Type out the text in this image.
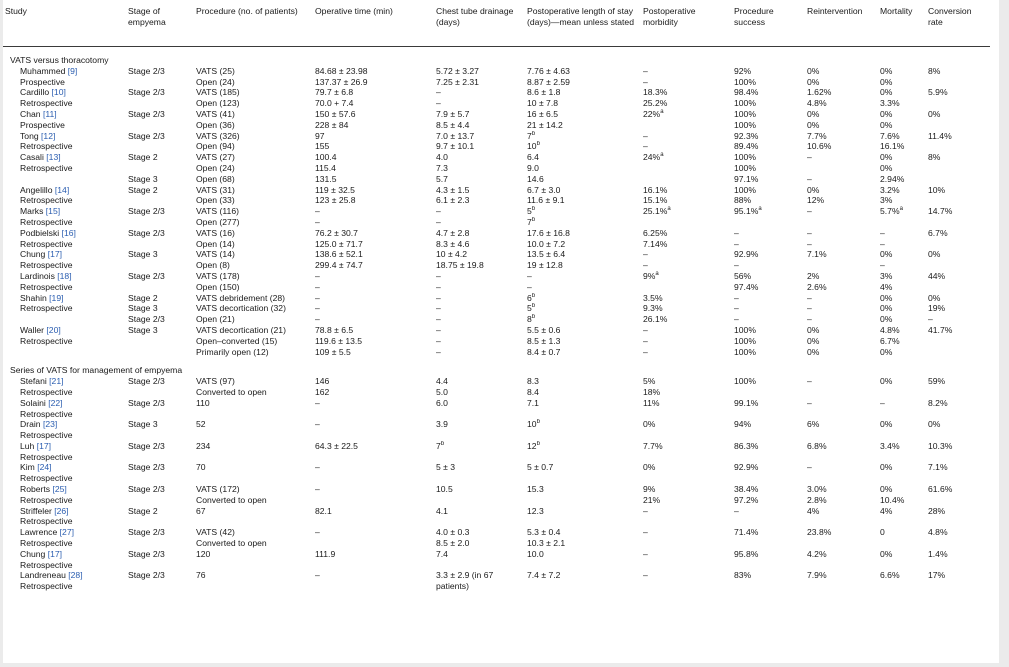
Study	Stage of empyema	Procedure (no. of patients)	Operative time (min)	Chest tube drainage (days)	Postoperative length of stay (days)—mean unless stated	Postoperative morbidity	Procedure success	Reintervention	Mortality	Conversion rate
VATS versus thoracotomy										
Muhammed [9]	Stage 2/3	VATS (25)	84.68 ± 23.98	5.72 ± 3.27	7.76 ± 4.63	–	92%	0%	0%	8%
Prospective		Open (24)	137.37 ± 26.9	7.25 ± 2.31	8.87 ± 2.59	–	100%	0%	0%	
Cardillo [10]	Stage 2/3	VATS (185)	79.7 ± 6.8	–	8.6 ± 1.8	18.3%	98.4%	1.62%	0%	5.9%
Retrospective		Open (123)	70.0 + 7.4	–	10 ± 7.8	25.2%	100%	4.8%	3.3%	
Chan [11]	Stage 2/3	VATS (41)	150 ± 57.6	7.9 ± 5.7	16 ± 6.5	22%$^a$	100%	0%	0%	0%
Prospective		Open (36)	228 ± 84	8.5 ± 4.4	21 ± 14.2		100%	0%	0%	
Tong [12]	Stage 2/3	VATS (326)	97	7.0 ± 13.7	7$^b$	–	92.3%	7.7%	7.6%	11.4%
Retrospective		Open (94)	155	9.7 ± 10.1	10$^b$	–	89.4%	10.6%	16.1%	
Casali [13]	Stage 2	VATS (27)	100.4	4.0	6.4	24%$^a$	100%	–	0%	8%
Retrospective		Open (24)	115.4	7.3	9.0		100%		0%	
	Stage 3	Open (68)	131.5	5.7	14.6		97.1%	–	2.94%	
Angelillo [14]	Stage 2	VATS (31)	119 ± 32.5	4.3 ± 1.5	6.7 ± 3.0	16.1%	100%	0%	3.2%	10%
Retrospective		Open (33)	123 ± 25.8	6.1 ± 2.3	11.6 ± 9.1	15.1%	88%	12%	3%	
Marks [15]	Stage 2/3	VATS (116)	–	–	5$^b$	25.1%$^a$	95.1%$^a$	–	5.7%$^a$	14.7%
Retrospective		Open (277)	–	–	7$^b$					
Podbielski [16]	Stage 2/3	VATS (16)	76.2 ± 30.7	4.7 ± 2.8	17.6 ± 16.8	6.25%	–	–	–	6.7%
Retrospective		Open (14)	125.0 ± 71.7	8.3 ± 4.6	10.0 ± 7.2	7.14%	–	–	–	
Chung [17]	Stage 3	VATS (14)	138.6 ± 52.1	10 ± 4.2	13.5 ± 6.4	–	92.9%	7.1%	0%	0%
Retrospective		Open (8)	299.4 ± 74.7	18.75 ± 19.8	19 ± 12.8	–	–		–	
Lardinois [18]	Stage 2/3	VATS (178)	–	–	–	9%$^a$	56%	2%	3%	44%
Retrospective		Open (150)	–	–	–		97.4%	2.6%	4%	
Shahin [19]	Stage 2	VATS debridement (28)	–	–	6$^b$	3.5%	–	–	0%	0%
Retrospective	Stage 3	VATS decortication (32)	–	–	5$^b$	9.3%	–	–	0%	19%
	Stage 2/3	Open (21)	–	–	8$^b$	26.1%	–	–	0%	–
Waller [20]	Stage 3	VATS decortication (21)	78.8 ± 6.5	–	5.5 ± 0.6	–	100%	0%	4.8%	41.7%
Retrospective		Open–converted (15)	119.6 ± 13.5	–	8.5 ± 1.3	–	100%	0%	6.7%	
		Primarily open (12)	109 ± 5.5	–	8.4 ± 0.7	–	100%	0%	0%	
Series of VATS for management of empyema										
Stefani [21]	Stage 2/3	VATS (97)	146	4.4	8.3	5%	100%	–	0%	59%
Retrospective		Converted to open	162	5.0	8.4	18%				
Solaini [22]	Stage 2/3	110	–	6.0	7.1	11%	99.1%	–	–	8.2%
Retrospective										
Drain [23]	Stage 3	52	–	3.9	10$^b$	0%	94%	6%	0%	0%
Retrospective										
Luh [17]	Stage 2/3	234	64.3 ± 22.5	7$^b$	12$^b$	7.7%	86.3%	6.8%	3.4%	10.3%
Retrospective										
Kim [24]	Stage 2/3	70	–	5 ± 3	5 ± 0.7	0%	92.9%	–	0%	7.1%
Retrospective										
Roberts [25]	Stage 2/3	VATS (172)	–	10.5	15.3	9%	38.4%	3.0%	0%	61.6%
Retrospective		Converted to open				21%	97.2%	2.8%	10.4%	
Striffeler [26]	Stage 2	67	82.1	4.1	12.3	–	–	4%	4%	28%
Retrospective										
Lawrence [27]	Stage 2/3	VATS (42)	–	4.0 ± 0.3	5.3 ± 0.4	–	71.4%	23.8%	0	4.8%
Retrospective		Converted to open		8.5 ± 2.0	10.3 ± 2.1					
Chung [17]	Stage 2/3	120	111.9	7.4	10.0	–	95.8%	4.2%	0%	1.4%
Retrospective										
Landreneau [28]	Stage 2/3	76	–	3.3 ± 2.9 (in 67	7.4 ± 7.2	–	83%	7.9%	6.6%	17%
Retrospective				patients)						
